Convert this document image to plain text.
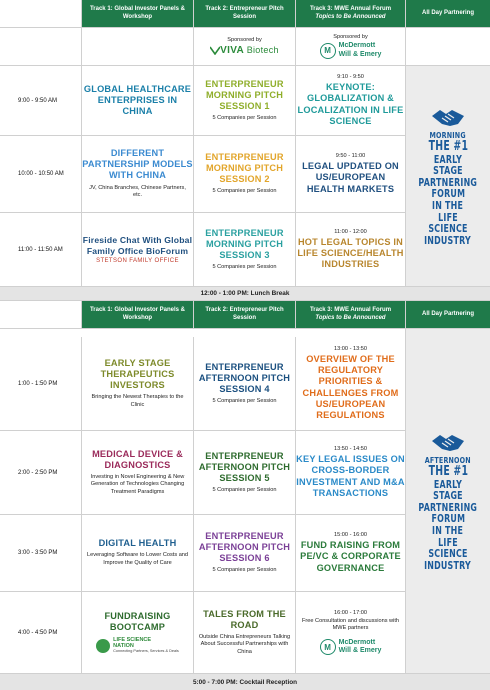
Track 1: Global Investor Panels & Workshop
Track 2: Entrepreneur Pitch Session
Track 3: MWE Annual Forum
Topics to Be Announced
All Day Partnering
Sponsored by
VIVA Biotech
Sponsored by
M
McDermott
Will & Emery
9:00 - 9:50 AM
GLOBAL HEALTHCARE ENTERPRISES IN CHINA
ENTERPRENEUR MORNING PITCH SESSION 1
5 Companies per Session
9:10 - 9:50
KEYNOTE: GLOBALIZATION & LOCALIZATION IN LIFE SCIENCE
10:00 - 10:50 AM
DIFFERENT PARTNERSHIP MODELS WITH CHINA
JV, China Branches, Chinese Partners, etc.
ENTERPRENEUR MORNING PITCH SESSION 2
5 Companies per Session
9:50 - 11:00
LEGAL UPDATED ON US/EUROPEAN HEALTH MARKETS
11:00 - 11:50 AM
Fireside Chat With Global Family Office BioForum
STETSON FAMILY OFFICE
ENTERPRENEUR MORNING PITCH SESSION 3
5 Companies per Session
11:00 - 12:00
HOT LEGAL TOPICS IN LIFE SCIENCE/HEALTH INDUSTRIES
MORNING
THE #1
EARLY STAGE
PARTNERING
FORUM
IN THE
LIFE SCIENCE
INDUSTRY
12:00 - 1:00 PM: Lunch Break
Track 1: Global Investor Panels & Workshop
Track 2: Entrepreneur Pitch Session
Track 3: MWE Annual Forum
Topics to Be Announced
All Day Partnering
1:00 - 1:50 PM
EARLY STAGE THERAPEUTICS INVESTORS
Bringing the Newest Therapies to the Clinic
ENTERPRENEUR AFTERNOON PITCH SESSION 4
5 Companies per Session
13:00 - 13:50
OVERVIEW OF THE REGULATORY PRIORITIES & CHALLENGES FROM US/EUROPEAN REGULATIONS
2:00 - 2:50 PM
MEDICAL DEVICE & DIAGNOSTICS
Investing in Novel Engineering & New Generation of Technologies Changing Treatment Paradigms
ENTERPRENEUR AFTERNOON PITCH SESSION 5
5 Companies per Session
13:50 - 14:50
KEY LEGAL ISSUES ON CROSS-BORDER INVESTMENT AND M&A TRANSACTIONS
3:00 - 3:50 PM
DIGITAL HEALTH
Leveraging Software to Lower Costs and Improve the Quality of Care
ENTERPRENEUR AFTERNOON PITCH SESSION 6
5 Companies per Session
15:00 - 16:00
FUND RAISING FROM PE/VC & CORPORATE GOVERNANCE
4:00 - 4:50 PM
FUNDRAISING BOOTCAMP
LIFE SCIENCE
NATION
Connecting Partners, Services & Deals
TALES FROM THE ROAD
Outside China Entrepreneurs Talking About Successful Partnerships with China
16:00 - 17:00
Free Consultation and discussions with MWE partners
M
McDermott
Will & Emery
AFTERNOON
THE #1
EARLY STAGE
PARTNERING
FORUM
IN THE
LIFE SCIENCE
INDUSTRY
5:00 - 7:00 PM: Cocktail Reception
